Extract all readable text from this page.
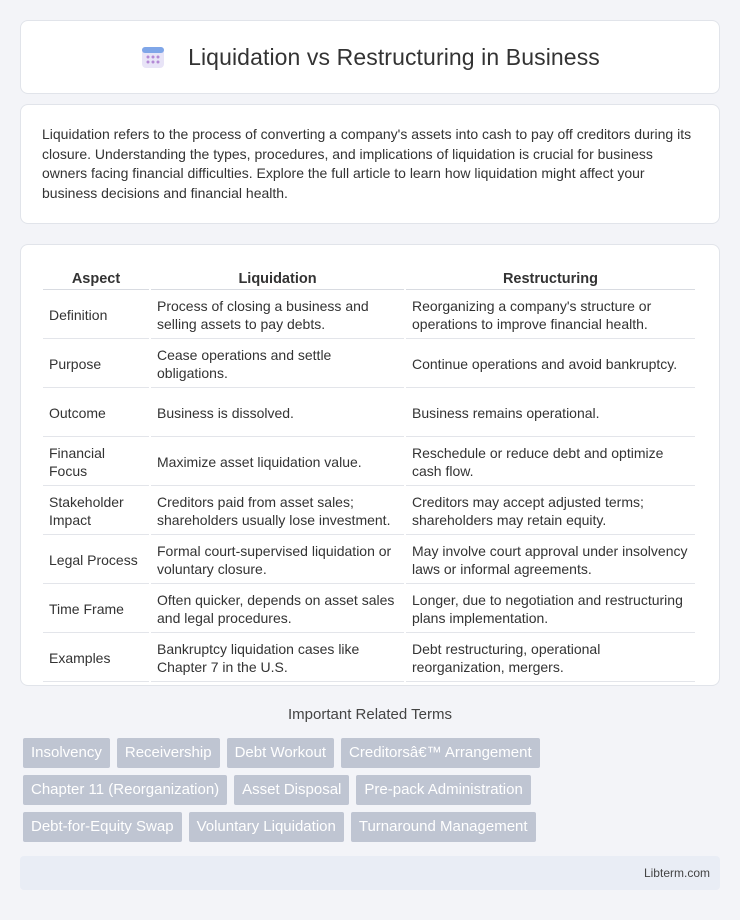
Liquidation vs Restructuring in Business

Liquidation refers to the process of converting a company's assets into cash to pay off creditors during its closure. Understanding the types, procedures, and implications of liquidation is crucial for business owners facing financial difficulties. Explore the full article to learn how liquidation might affect your business decisions and financial health.

Aspect	Liquidation	Restructuring
Definition	Process of closing a business and selling assets to pay debts.	Reorganizing a company's structure or operations to improve financial health.
Purpose	Cease operations and settle obligations.	Continue operations and avoid bankruptcy.
Outcome	Business is dissolved.	Business remains operational.
Financial Focus	Maximize asset liquidation value.	Reschedule or reduce debt and optimize cash flow.
Stakeholder Impact	Creditors paid from asset sales; shareholders usually lose investment.	Creditors may accept adjusted terms; shareholders may retain equity.
Legal Process	Formal court-supervised liquidation or voluntary closure.	May involve court approval under insolvency laws or informal agreements.
Time Frame	Often quicker, depends on asset sales and legal procedures.	Longer, due to negotiation and restructuring plans implementation.
Examples	Bankruptcy liquidation cases like Chapter 7 in the U.S.	Debt restructuring, operational reorganization, mergers.
Important Related Terms
Insolvency	Receivership	Debt Workout	Creditorsâ€™ Arrangement
Chapter 11 (Reorganization)	Asset Disposal	Pre-pack Administration
Debt-for-Equity Swap	Voluntary Liquidation	Turnaround Management
Libterm.com
